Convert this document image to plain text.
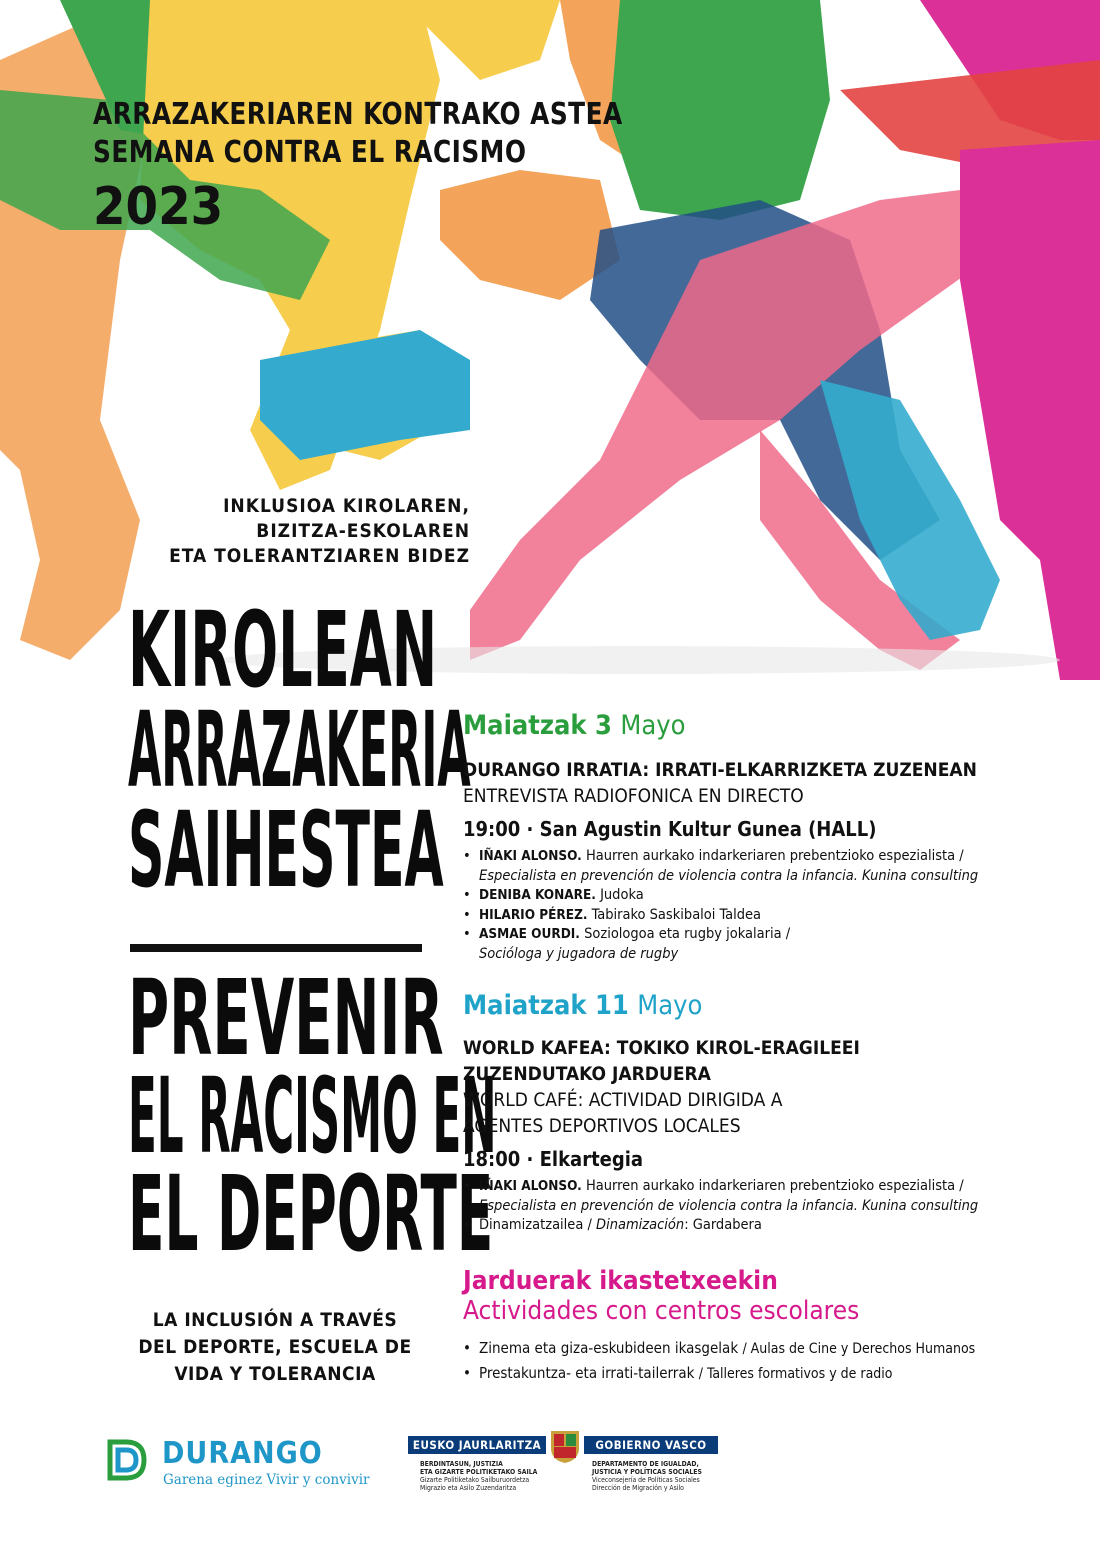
ARRAZAKERIAREN KONTRAKO ASTEA
SEMANA CONTRA EL RACISMO
2023
INKLUSIOA KIROLAREN,
BIZITZA-ESKOLAREN
ETA TOLERANTZIAREN BIDEZ
KIROLEAN
ARRAZAKERIA
SAIHESTEA
PREVENIR
EL RACISMO EN
EL DEPORTE
LA INCLUSIÓN A TRAVÉS
DEL DEPORTE, ESCUELA DE
VIDA Y TOLERANCIA
Maiatzak 3 Mayo
DURANGO IRRATIA: IRRATI-ELKARRIZKETA ZUZENEAN
ENTREVISTA RADIOFONICA EN DIRECTO
19:00 · San Agustin Kultur Gunea (HALL)
• IÑAKI ALONSO. Haurren aurkako indarkeriaren prebentzioko espezialista /
Especialista en prevención de violencia contra la infancia. Kunina consulting
• DENIBA KONARE. Judoka
• HILARIO PÉREZ. Tabirako Saskibaloi Taldea
• ASMAE OURDI. Soziologoa eta rugby jokalaria / Socióloga y jugadora de rugby
Maiatzak 11 Mayo
WORLD KAFEA: TOKIKO KIROL-ERAGILEEI
ZUZENDUTAKO JARDUERA
WORLD CAFÉ: ACTIVIDAD DIRIGIDA A
AGENTES DEPORTIVOS LOCALES
18:00 · Elkartegia
• IÑAKI ALONSO. Haurren aurkako indarkeriaren prebentzioko espezialista /
Especialista en prevención de violencia contra la infancia. Kunina consulting
• Dinamizatzailea / Dinamización: Gardabera
Jarduerak ikastetxeekin
Actividades con centros escolares
• Zinema eta giza-eskubideen ikasgelak / Aulas de Cine y Derechos Humanos
• Prestakuntza- eta irrati-tailerrak / Talleres formativos y de radio
DURANGO
Garena eginez Vivir y convivir
EUSKO JAURLARITZA	GOBIERNO VASCO
BERDINTASUN, JUSTIZIA
ETA GIZARTE POLITIKETAKO SAILA
Gizarte Politiketako Sailburuordetza
Migrazio eta Asilo Zuzendaritza
DEPARTAMENTO DE IGUALDAD,
JUSTICIA Y POLÍTICAS SOCIALES
Viceconsejería de Políticas Sociales
Dirección de Migración y Asilo
